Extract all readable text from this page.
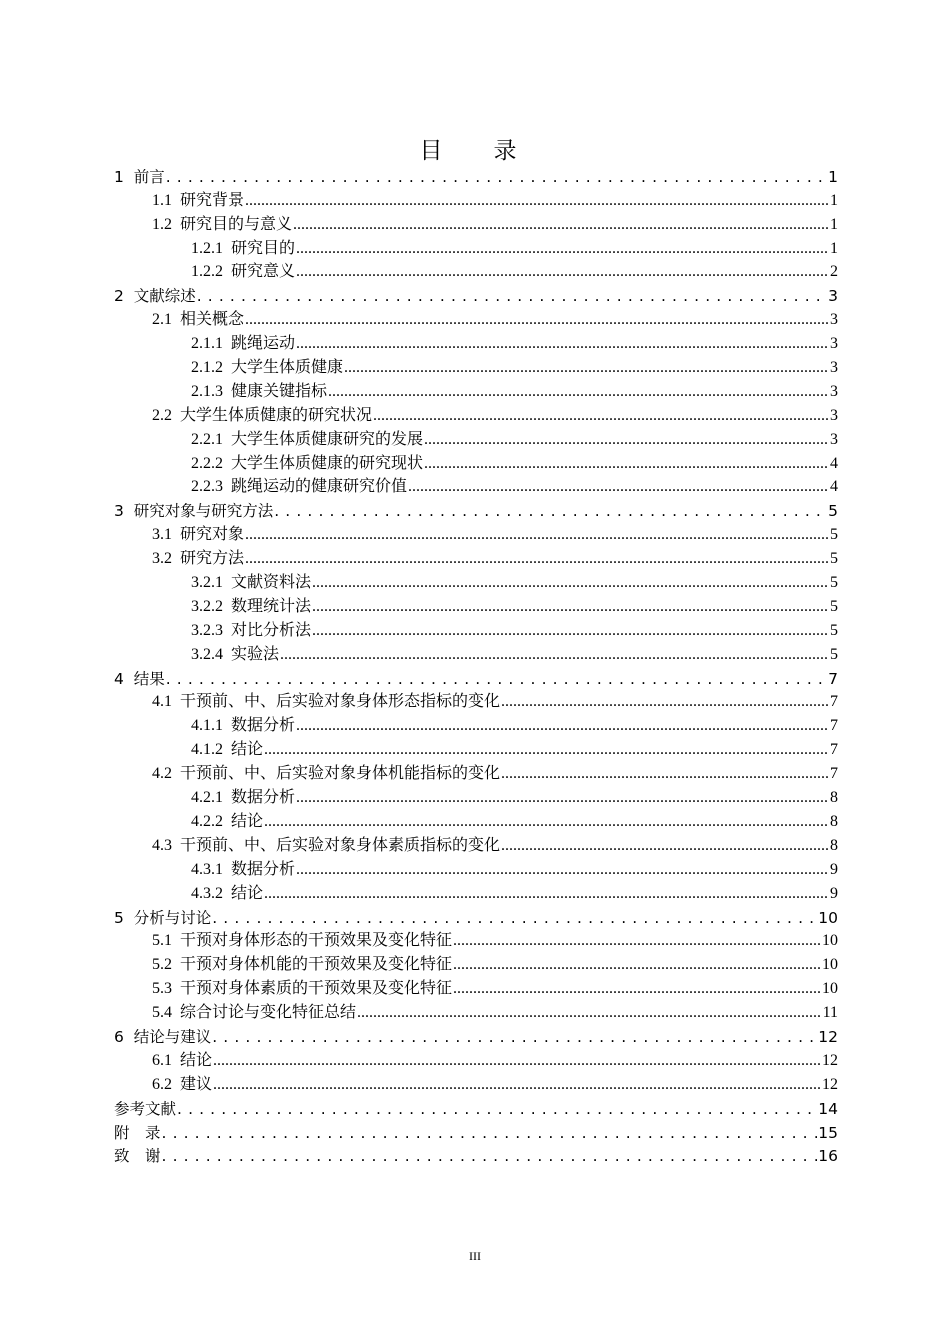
目　录
1 前言 . . .	1
1.1 研究背景 .....	1
1.2 研究目的与意义 .....	1
1.2.1 研究目的 .....	1
1.2.2 研究意义 .....	2
2 文献综述 . . .	3
2.1 相关概念 .....	3
2.1.1 跳绳运动 .....	3
2.1.2 大学生体质健康 .....	3
2.1.3 健康关键指标 .....	3
2.2 大学生体质健康的研究状况 .....	3
2.2.1 大学生体质健康研究的发展 .....	3
2.2.2 大学生体质健康的研究现状 .....	4
2.2.3 跳绳运动的健康研究价值 .....	4
3 研究对象与研究方法 . . .	5
3.1 研究对象 .....	5
3.2 研究方法 .....	5
3.2.1 文献资料法 .....	5
3.2.2 数理统计法 .....	5
3.2.3 对比分析法 .....	5
3.2.4 实验法 .....	5
4 结果 . . .	7
4.1 干预前、中、后实验对象身体形态指标的变化 .....	7
4.1.1 数据分析 .....	7
4.1.2 结论 .....	7
4.2 干预前、中、后实验对象身体机能指标的变化 .....	7
4.2.1 数据分析 .....	8
4.2.2 结论 .....	8
4.3 干预前、中、后实验对象身体素质指标的变化 .....	8
4.3.1 数据分析 .....	9
4.3.2 结论 .....	9
5 分析与讨论 . . .	10
5.1 干预对身体形态的干预效果及变化特征 .....	10
5.2 干预对身体机能的干预效果及变化特征 .....	10
5.3 干预对身体素质的干预效果及变化特征 .....	10
5.4 综合讨论与变化特征总结 .....	11
6 结论与建议 . . .	12
6.1 结论 .....	12
6.2 建议 .....	12
参考文献 . . .	14
附　录 . . .	15
致　谢 . . .	16
III
